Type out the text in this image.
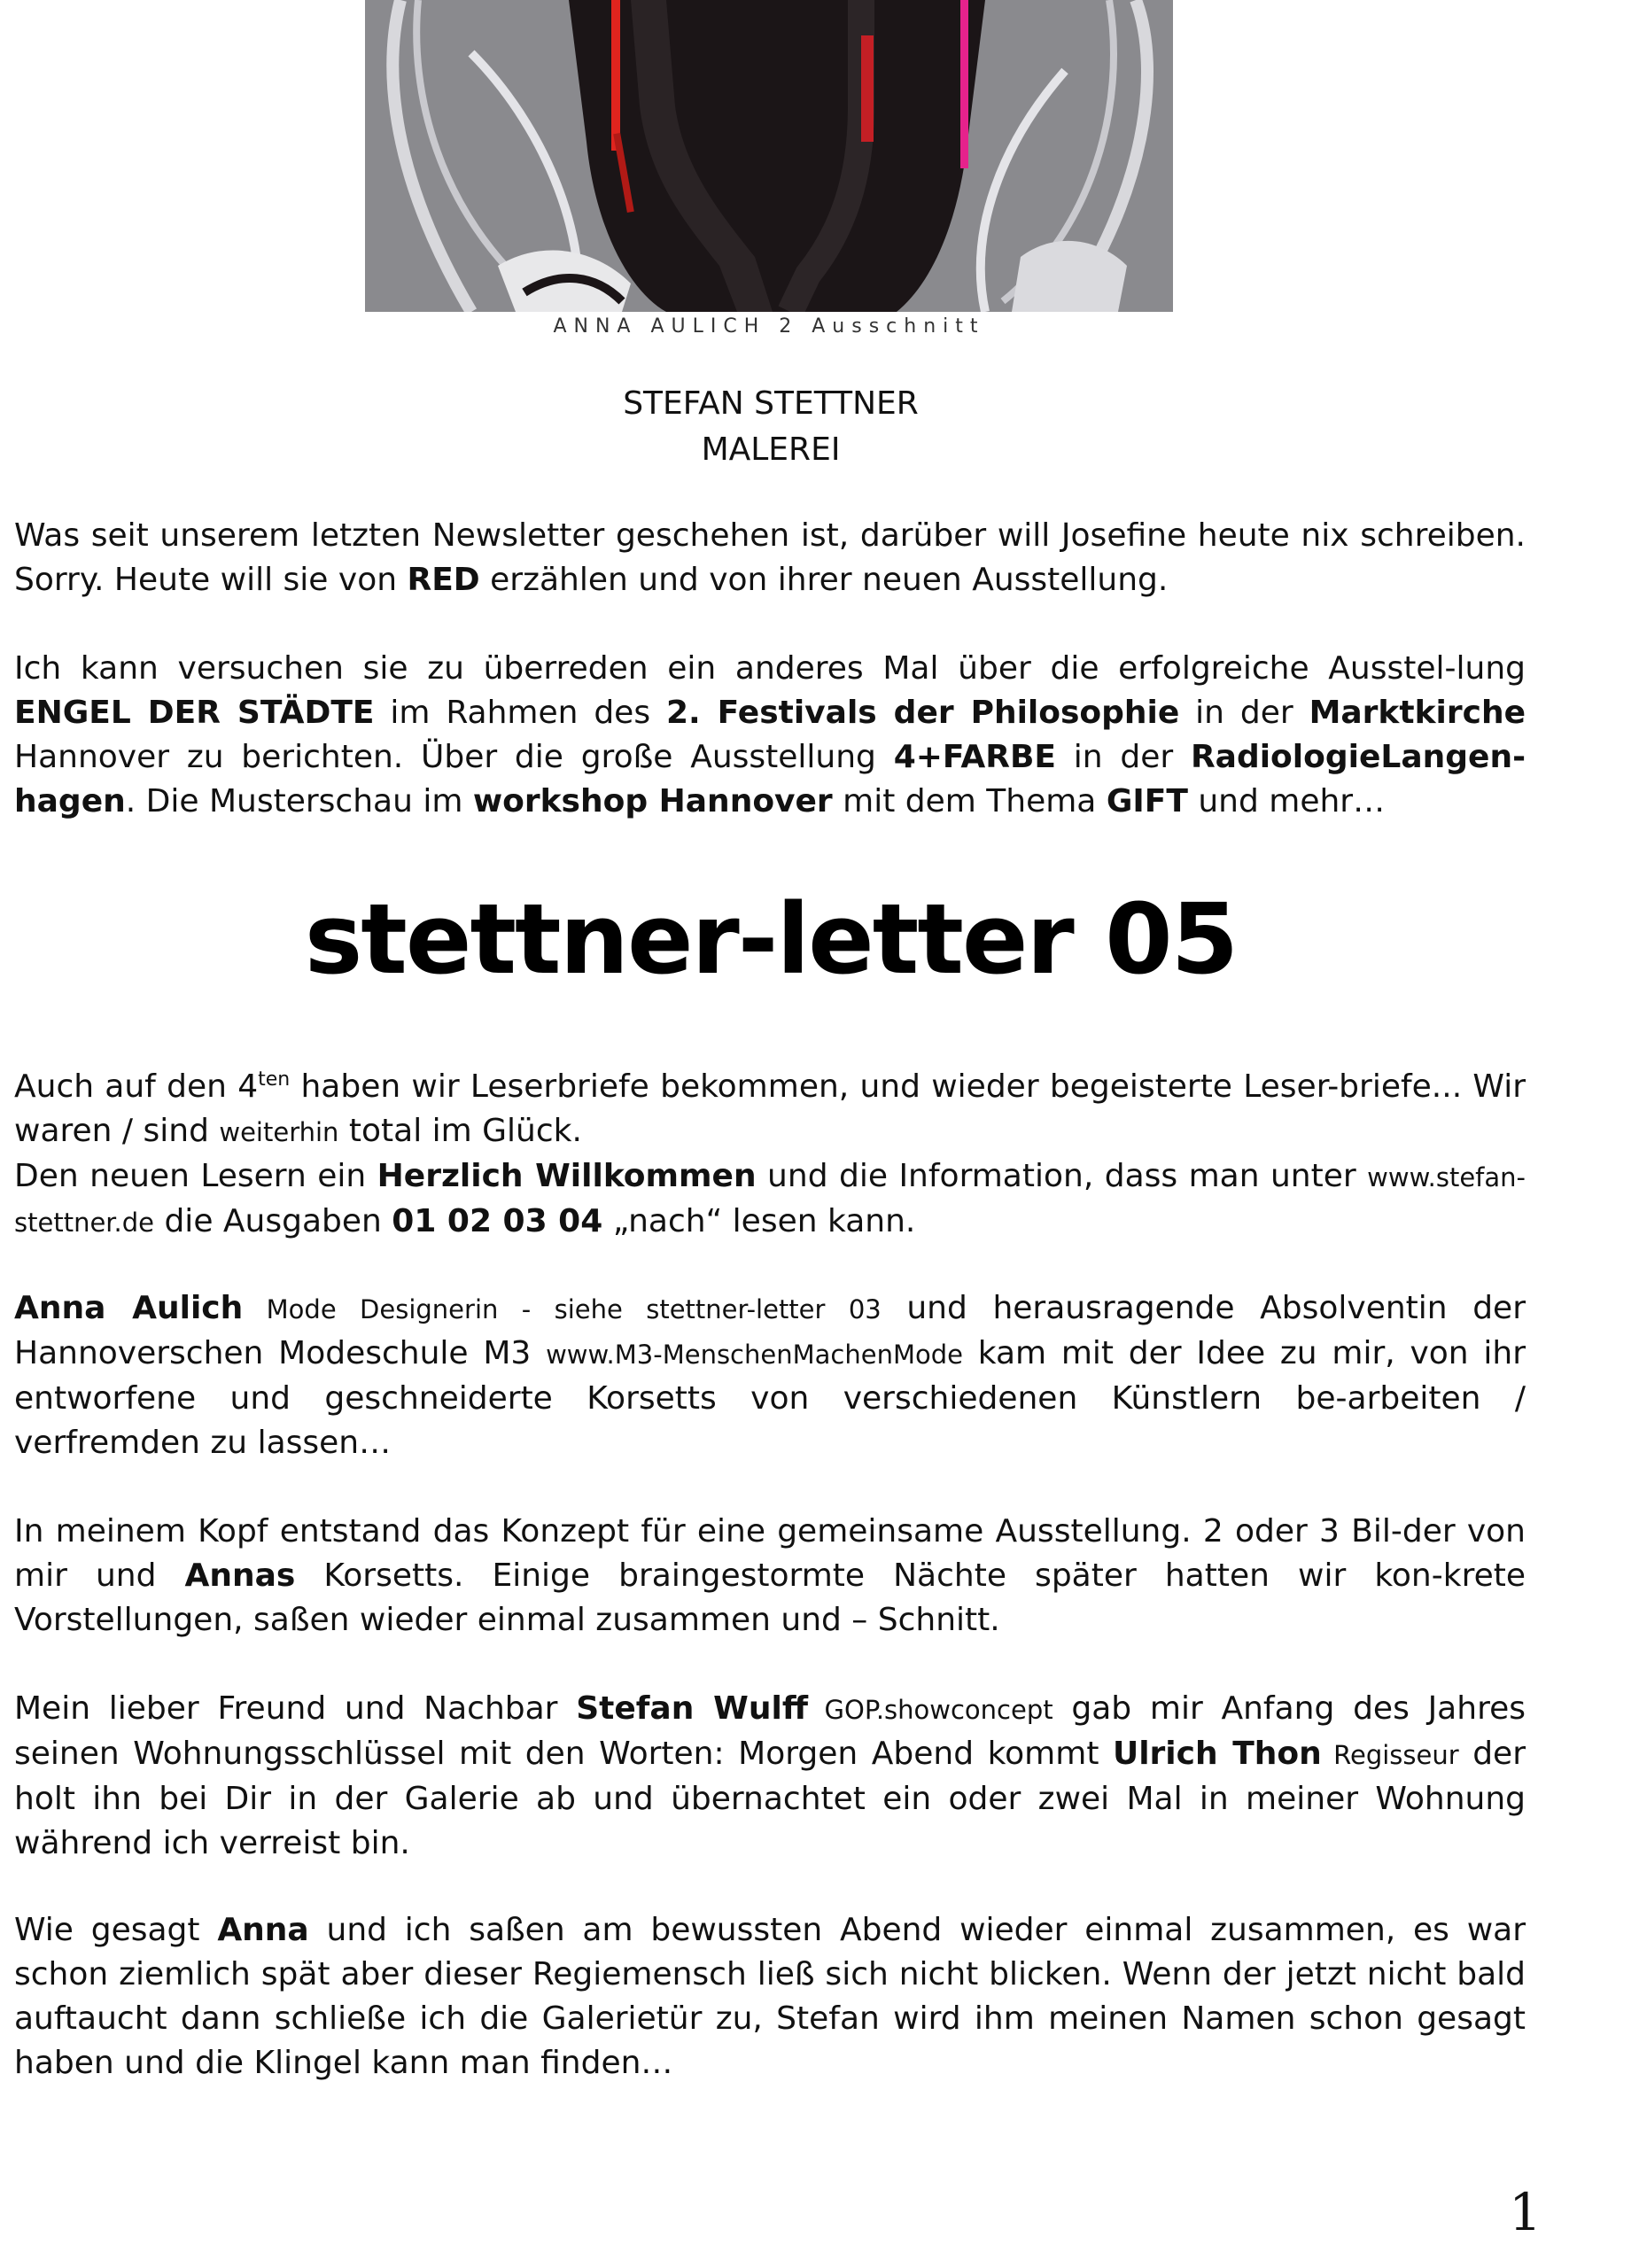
ANNA AULICH 2 Ausschnitt
STEFAN STETTNER
MALEREI
Was seit unserem letzten Newsletter geschehen ist, darüber will Josefine heute nix schreiben. Sorry. Heute will sie von RED erzählen und von ihrer neuen Ausstellung.
Ich kann versuchen sie zu überreden ein anderes Mal über die erfolgreiche Ausstel-lung ENGEL DER STÄDTE im Rahmen des 2. Festivals der Philosophie in der Marktkirche Hannover zu berichten. Über die große Ausstellung 4+FARBE in der RadiologieLangen-hagen. Die Musterschau im workshop Hannover mit dem Thema GIFT und mehr…
stettner-letter 05
Auch auf den $4^{ten}$ haben wir Leserbriefe bekommen, und wieder begeisterte Leser-briefe... Wir waren / sind weiterhin total im Glück.
Den neuen Lesern ein Herzlich Willkommen und die Information, dass man unter www.stefan-stettner.de die Ausgaben 01 02 03 04 „nach“ lesen kann.
Anna Aulich Mode Designerin - siehe stettner-letter 03 und herausragende Absolventin der Hannoverschen Modeschule M3 www.M3-MenschenMachenMode kam mit der Idee zu mir, von ihr entworfene und geschneiderte Korsetts von verschiedenen Künstlern be-arbeiten / verfremden zu lassen…
In meinem Kopf entstand das Konzept für eine gemeinsame Ausstellung. 2 oder 3 Bil-der von mir und Annas Korsetts. Einige braingestormte Nächte später hatten wir kon-krete Vorstellungen, saßen wieder einmal zusammen und – Schnitt.
Mein lieber Freund und Nachbar Stefan Wulff GOP.showconcept gab mir Anfang des Jahres seinen Wohnungsschlüssel mit den Worten: Morgen Abend kommt Ulrich Thon Regisseur der holt ihn bei Dir in der Galerie ab und übernachtet ein oder zwei Mal in meiner Wohnung während ich verreist bin.
Wie gesagt Anna und ich saßen am bewussten Abend wieder einmal zusammen, es war schon ziemlich spät aber dieser Regiemensch ließ sich nicht blicken. Wenn der jetzt nicht bald auftaucht dann schließe ich die Galerietür zu, Stefan wird ihm meinen Namen schon gesagt haben und die Klingel kann man finden…
1
